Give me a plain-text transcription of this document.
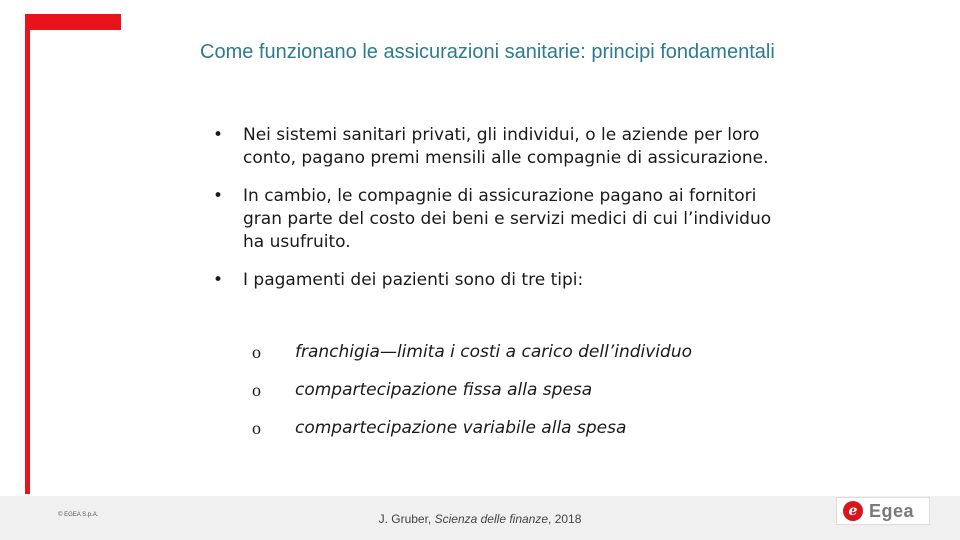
Come funzionano le assicurazioni sanitarie: principi fondamentali
• Nei sistemi sanitari privati, gli individui, o le aziende per loro conto, pagano premi mensili alle compagnie di assicurazione.
• In cambio, le compagnie di assicurazione pagano ai fornitori gran parte del costo dei beni e servizi medici di cui l’individuo ha usufruito.
• I pagamenti dei pazienti sono di tre tipi:
o franchigia—limita i costi a carico dell’individuo
o compartecipazione fissa alla spesa
o compartecipazione variabile alla spesa
© EGEA S.p.A.	J. Gruber, Scienza delle finanze, 2018	e Egea
